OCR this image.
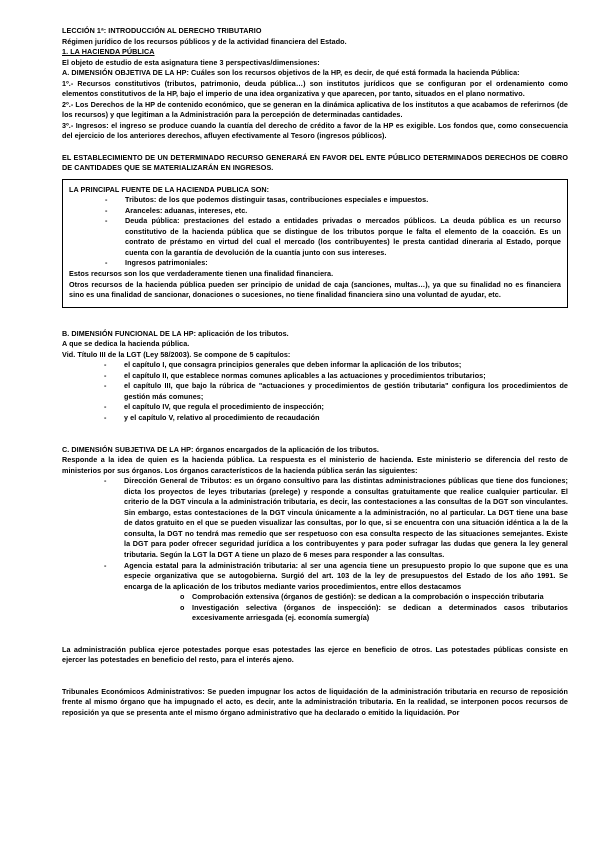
LECCIÓN 1ª: INTRODUCCIÓN AL DERECHO TRIBUTARIO
Régimen jurídico de los recursos públicos y de la actividad financiera del Estado.
1. LA HACIENDA PÚBLICA
El objeto de estudio de esta asignatura tiene 3 perspectivas/dimensiones:
A. DIMENSIÓN OBJETIVA DE LA HP: Cuáles son los recursos objetivos de la HP, es decir, de qué está formada la hacienda Pública:
1º.- Recursos constitutivos (tributos, patrimonio, deuda pública…) son institutos jurídicos que se configuran por el ordenamiento como elementos constitutivos de la HP, bajo el imperio de una idea organizativa y que aparecen, por tanto, situados en el plano normativo.
2º.- Los Derechos de la HP de contenido económico, que se generan en la dinámica aplicativa de los institutos a que acabamos de referirnos (de los recursos) y que legitiman a la Administración para la percepción de determinadas cantidades.
3º.- Ingresos: el ingreso se produce cuando la cuantía del derecho de crédito a favor de la HP es exigible. Los fondos que, como consecuencia del ejercicio de los anteriores derechos, afluyen efectivamente al Tesoro (ingresos públicos).
EL ESTABLECIMIENTO DE UN DETERMINADO RECURSO GENERARÁ EN FAVOR DEL ENTE PÚBLICO DETERMINADOS DERECHOS DE COBRO DE CANTIDADES QUE SE MATERIALIZARÁN EN INGRESOS.
LA PRINCIPAL FUENTE DE LA HACIENDA PUBLICA SON:
- Tributos: de los que podemos distinguir tasas, contribuciones especiales e impuestos.
- Aranceles: aduanas, intereses, etc.
- Deuda pública: prestaciones del estado a entidades privadas o mercados públicos. La deuda pública es un recurso constitutivo de la hacienda pública que se distingue de los tributos porque le falta el elemento de la coacción. Es un contrato de préstamo en virtud del cual el mercado (los contribuyentes) le presta cantidad dineraria al Estado, porque cuenta con la garantía de devolución de la cuantía junto con sus intereses.
- Ingresos patrimoniales:
Estos recursos son los que verdaderamente tienen una finalidad financiera.
Otros recursos de la hacienda pública pueden ser principio de unidad de caja (sanciones, multas…), ya que su finalidad no es financiera sino es una finalidad de sancionar, donaciones o sucesiones, no tiene finalidad financiera sino una voluntad de ayudar, etc.
B. DIMENSIÓN FUNCIONAL DE LA HP: aplicación de los tributos.
A que se dedica la hacienda pública.
Vid. Título III de la LGT (Ley 58/2003). Se compone de 5 capítulos:
- el capítulo I, que consagra principios generales que deben informar la aplicación de los tributos;
- el capítulo II, que establece normas comunes aplicables a las actuaciones y procedimientos tributarios;
- el capítulo III, que bajo la rúbrica de "actuaciones y procedimientos de gestión tributaria" configura los procedimientos de gestión más comunes;
- el capítulo IV, que regula el procedimiento de inspección;
- y el capítulo V, relativo al procedimiento de recaudación
C. DIMENSIÓN SUBJETIVA DE LA HP: órganos encargados de la aplicación de los tributos.
Responde a la idea de quien es la hacienda pública. La respuesta es el ministerio de hacienda. Este ministerio se diferencia del resto de ministerios por sus órganos. Los órganos característicos de la hacienda pública serán las siguientes:
- Dirección General de Tributos: es un órgano consultivo para las distintas administraciones públicas que tiene dos funciones; dicta los proyectos de leyes tributarias (prelege) y responde a consultas gratuitamente que realice cualquier particular. El criterio de la DGT vincula a la administración tributaria, es decir, las contestaciones a las consultas de la DGT son vinculantes. Sin embargo, estas contestaciones de la DGT vincula únicamente a la administración, no al particular. La DGT tiene una base de datos gratuito en el que se pueden visualizar las consultas, por lo que, si se encuentra con una situación idéntica a la de la consulta, la DGT no tendrá mas remedio que ser respetuoso con esa consulta respecto de las situaciones semejantes. Existe la DGT para poder ofrecer seguridad jurídica a los contribuyentes y para poder sufragar las dudas que genera la ley general tributaria. Según la LGT la DGT A tiene un plazo de 6 meses para responder a las consultas.
- Agencia estatal para la administración tributaria: al ser una agencia tiene un presupuesto propio lo que supone que es una especie organizativa que se autogobierna. Surgió del art. 103 de la ley de presupuestos del Estado de los año 1991. Se encarga de la aplicación de los tributos mediante varios procedimientos, entre ellos destacamos
o Comprobación extensiva (órganos de gestión): se dedican a la comprobación o inspección tributaria
o Investigación selectiva (órganos de inspección): se dedican a determinados casos tributarios excesivamente arriesgada (ej. economía sumergía)
La administración publica ejerce potestades porque esas potestades las ejerce en beneficio de otros. Las potestades públicas consiste en ejercer las potestades en beneficio del resto, para el interés ajeno.
Tribunales Económicos Administrativos: Se pueden impugnar los actos de liquidación de la administración tributaria en recurso de reposición frente al mismo órgano que ha impugnado el acto, es decir, ante la administración tributaria. En la realidad, se interponen pocos recursos de reposición ya que se presenta ante el mismo órgano administrativo que ha declarado o emitido la liquidación. Por
